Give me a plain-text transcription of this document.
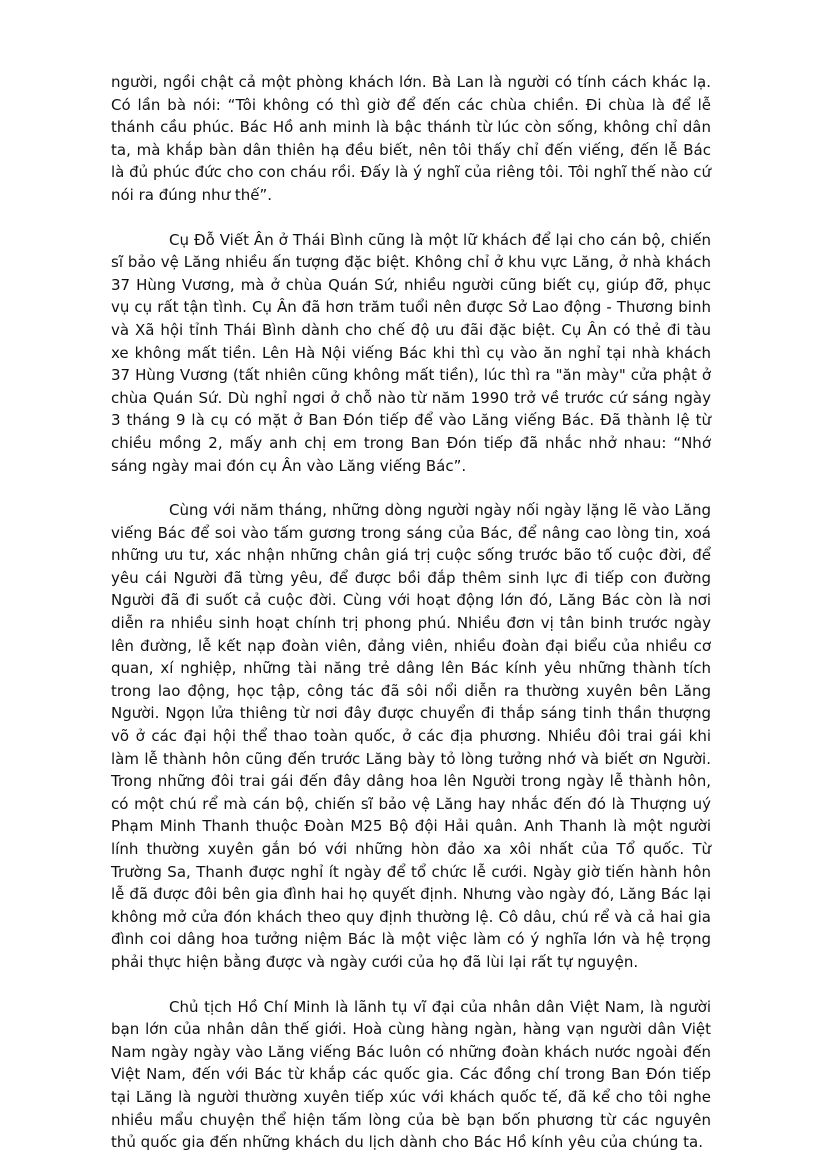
người, ngồi chật cả một phòng khách lớn. Bà Lan là người có tính cách khác lạ. Có lần bà nói: “Tôi không có thì giờ để đến các chùa chiền. Đi chùa là để lễ thánh cầu phúc. Bác Hồ anh minh là bậc thánh từ lúc còn sống, không chỉ dân ta, mà khắp bàn dân thiên hạ đều biết, nên tôi thấy chỉ đến viếng, đến lễ Bác là đủ phúc đức cho con cháu rồi. Đấy là ý nghĩ của riêng tôi. Tôi nghĩ thế nào cứ nói ra đúng như thế”.

Cụ Đỗ Viết Ân ở Thái Bình cũng là một lữ khách để lại cho cán bộ, chiến sĩ bảo vệ Lăng nhiều ấn tượng đặc biệt. Không chỉ ở khu vực Lăng, ở nhà khách 37 Hùng Vương, mà ở chùa Quán Sứ, nhiều người cũng biết cụ, giúp đỡ, phục vụ cụ rất tận tình. Cụ Ân đã hơn trăm tuổi nên được Sở Lao động - Thương binh và Xã hội tỉnh Thái Bình dành cho chế độ ưu đãi đặc biệt. Cụ Ân có thẻ đi tàu xe không mất tiền. Lên Hà Nội viếng Bác khi thì cụ vào ăn nghỉ tại nhà khách 37 Hùng Vương (tất nhiên cũng không mất tiền), lúc thì ra "ăn mày" cửa phật ở chùa Quán Sứ. Dù nghỉ ngơi ở chỗ nào từ năm 1990 trở về trước cứ sáng ngày 3 tháng 9 là cụ có mặt ở Ban Đón tiếp để vào Lăng viếng Bác. Đã thành lệ từ chiều mồng 2, mấy anh chị em trong Ban Đón tiếp đã nhắc nhở nhau: “Nhớ sáng ngày mai đón cụ Ân vào Lăng viếng Bác”.

Cùng với năm tháng, những dòng người ngày nối ngày lặng lẽ vào Lăng viếng Bác để soi vào tấm gương trong sáng của Bác, để nâng cao lòng tin, xoá những ưu tư, xác nhận những chân giá trị cuộc sống trước bão tố cuộc đời, để yêu cái Người đã từng yêu, để được bồi đắp thêm sinh lực đi tiếp con đường Người đã đi suốt cả cuộc đời. Cùng với hoạt động lớn đó, Lăng Bác còn là nơi diễn ra nhiều sinh hoạt chính trị phong phú. Nhiều đơn vị tân binh trước ngày lên đường, lễ kết nạp đoàn viên, đảng viên, nhiều đoàn đại biểu của nhiều cơ quan, xí nghiệp, những tài năng trẻ dâng lên Bác kính yêu những thành tích trong lao động, học tập, công tác đã sôi nổi diễn ra thường xuyên bên Lăng Người. Ngọn lửa thiêng từ nơi đây được chuyển đi thắp sáng tinh thần thượng võ ở các đại hội thể thao toàn quốc, ở các địa phương. Nhiều đôi trai gái khi làm lễ thành hôn cũng đến trước Lăng bày tỏ lòng tưởng nhớ và biết ơn Người. Trong những đôi trai gái đến đây dâng hoa lên Người trong ngày lễ thành hôn, có một chú rể mà cán bộ, chiến sĩ bảo vệ Lăng hay nhắc đến đó là Thượng uý Phạm Minh Thanh thuộc Đoàn M25 Bộ đội Hải quân. Anh Thanh là một người lính thường xuyên gắn bó với những hòn đảo xa xôi nhất của Tổ quốc. Từ Trường Sa, Thanh được nghỉ ít ngày để tổ chức lễ cưới. Ngày giờ tiến hành hôn lễ đã được đôi bên gia đình hai họ quyết định. Nhưng vào ngày đó, Lăng Bác lại không mở cửa đón khách theo quy định thường lệ. Cô dâu, chú rể và cả hai gia đình coi dâng hoa tưởng niệm Bác là một việc làm có ý nghĩa lớn và hệ trọng phải thực hiện bằng được và ngày cưới của họ đã lùi lại rất tự nguyện.

Chủ tịch Hồ Chí Minh là lãnh tụ vĩ đại của nhân dân Việt Nam, là người bạn lớn của nhân dân thế giới. Hoà cùng hàng ngàn, hàng vạn người dân Việt Nam ngày ngày vào Lăng viếng Bác luôn có những đoàn khách nước ngoài đến Việt Nam, đến với Bác từ khắp các quốc gia. Các đồng chí trong Ban Đón tiếp tại Lăng là người thường xuyên tiếp xúc với khách quốc tế, đã kể cho tôi nghe nhiều mẩu chuyện thể hiện tấm lòng của bè bạn bốn phương từ các nguyên thủ quốc gia đến những khách du lịch dành cho Bác Hồ kính yêu của chúng ta.
